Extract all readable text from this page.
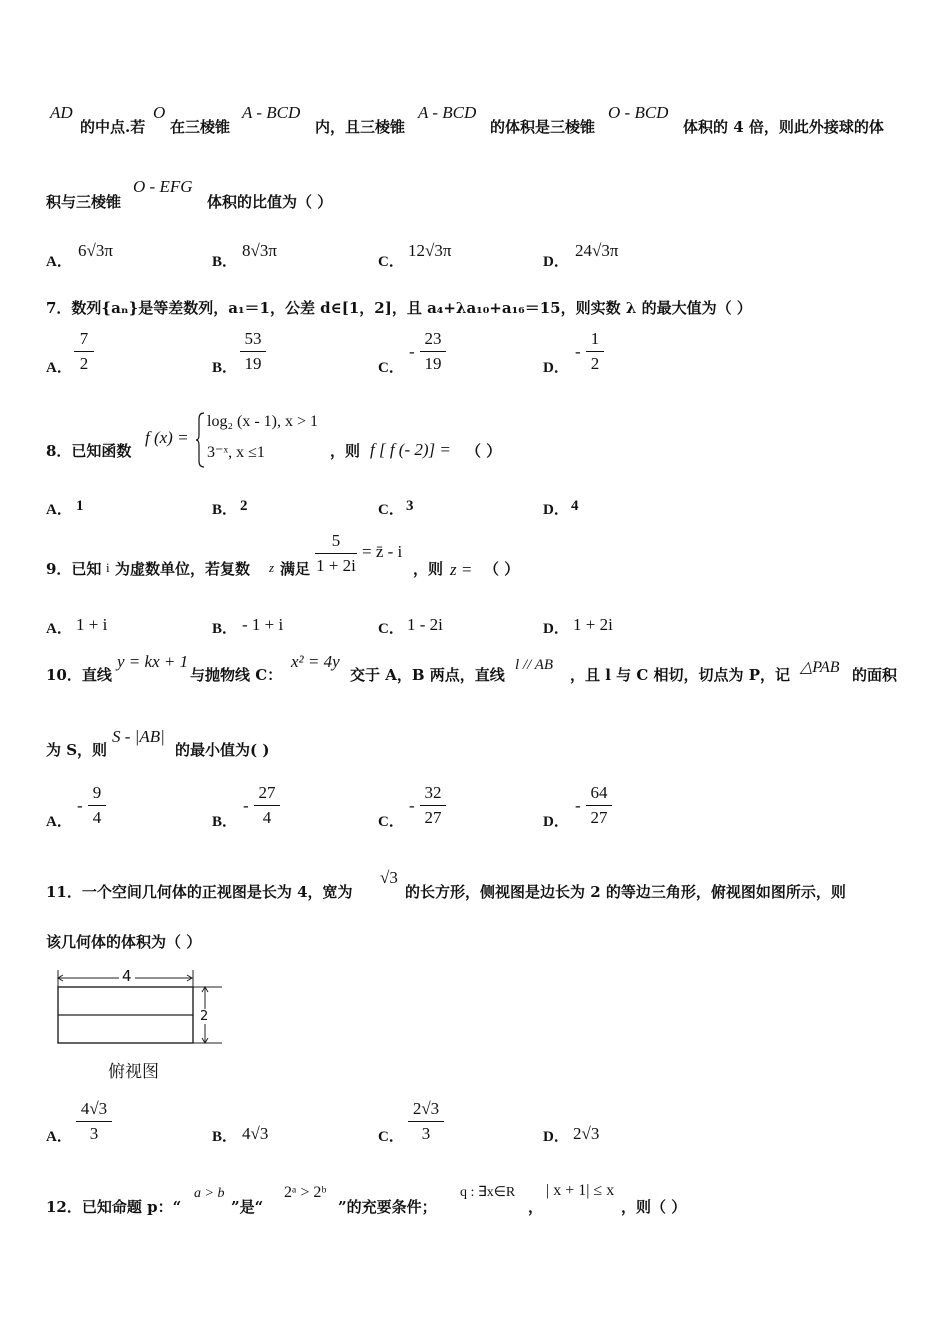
AD
的中点.若
O
在三棱锥
A - BCD
内，且三棱锥
A - BCD
的体积是三棱锥
O - BCD
体积的 4 倍，则此外接球的体
积与三棱锥
O - EFG
体积的比值为（ ）
A．
6√3π
B．
8√3π
C．
12√3π
D．
24√3π
7．数列{aₙ}是等差数列，a₁＝1，公差 d∈[1，2]，且 a₄+λa₁₀+a₁₆＝15，则实数 λ 的最大值为（ ）
A． $\frac{7}{2}$	B． $\frac{53}{19}$	C．
- $\frac{23}{19}$	D．
- $\frac{1}{2}$
8．已知函数
f (x) =
log₂ (x - 1), x > 1
3⁻ˣ, x ≤1	，则 f [ f (- 2)] = （ ）
A． 1	B． 2	C． 3	D． 4
9．已知 i 为虚数单位，若复数 z 满足 $\frac{5}{1 + 2i}$ = z̄ - i
，则 z = （ ）
A． 1 + i	B． - 1 + i	C． 1 - 2i	D． 1 + 2i
10．直线
y = kx + 1
与抛物线 C：
x² = 4y
交于 A，B 两点，直线
l // AB
，且 l 与 C 相切，切点为 P，记 △PAB 的面积
为 S，则
S - |AB|
的最小值为( )
A．
- $\frac{9}{4}$	B．
- $\frac{27}{4}$	C．
- $\frac{32}{27}$	D．
- $\frac{64}{27}$
11．一个空间几何体的正视图是长为 4，宽为
√3
的长方形，侧视图是边长为 2 的等边三角形，俯视图如图所示，则
该几何体的体积为（ ）
4
2
俯视图
A． $\frac{4√3}{3}$	B． 4√3	C． $\frac{2√3}{3}$	D． 2√3
12．已知命题 p：“
a > b
”是“
2ᵃ > 2ᵇ
”的充要条件；
q : ∃x∈R
，
| x + 1| ≤ x
，则（ ）
